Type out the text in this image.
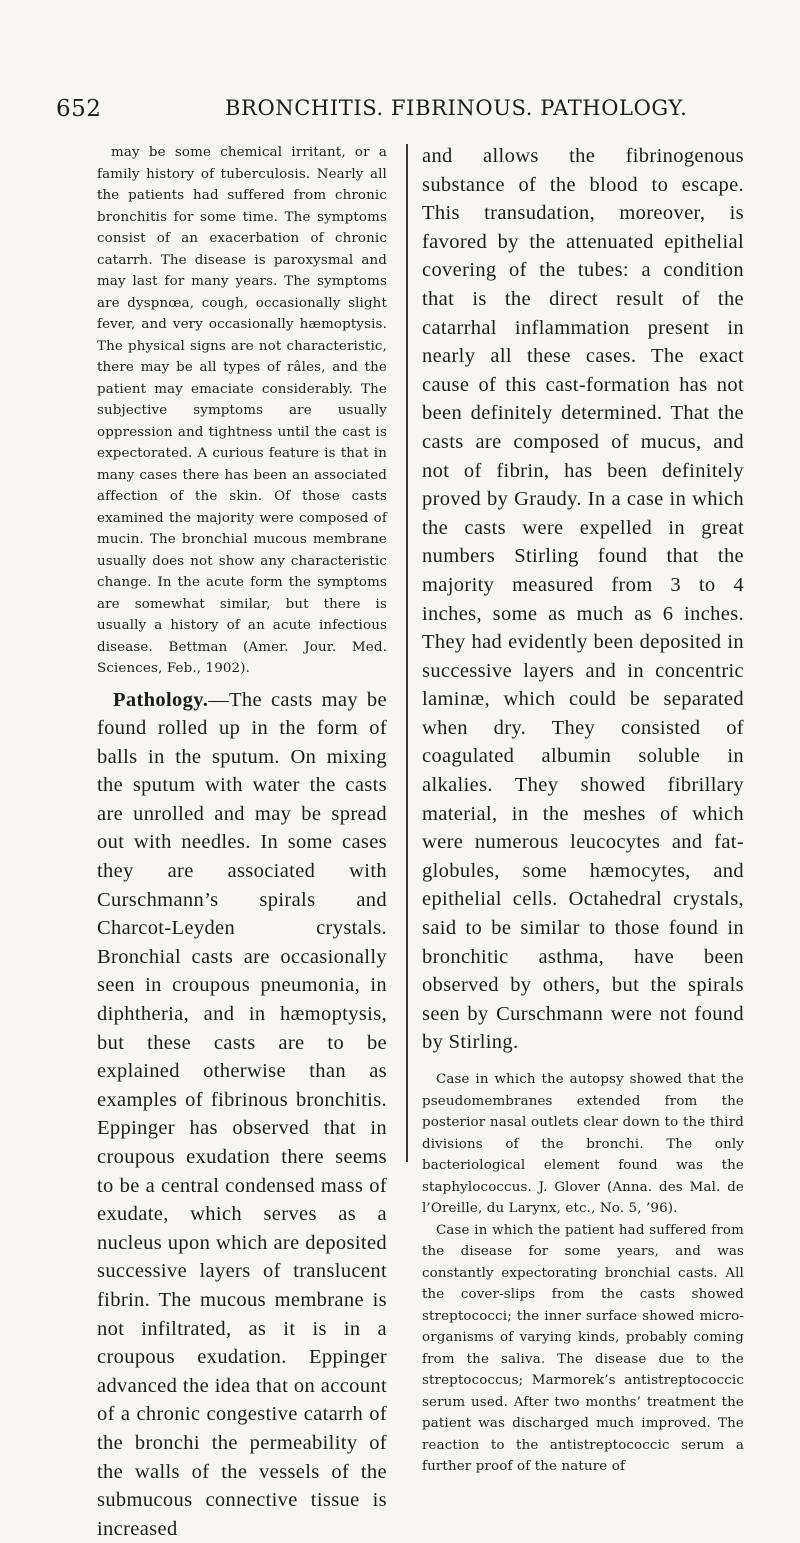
652	BRONCHITIS. FIBRINOUS. PATHOLOGY.

may be some chemical irritant, or a family history of tuberculosis. Nearly all the patients had suffered from chronic bronchitis for some time. The symptoms consist of an exacerbation of chronic catarrh. The disease is paroxysmal and may last for many years. The symptoms are dyspnœa, cough, occasionally slight fever, and very occasionally hæmoptysis. The physical signs are not characteristic, there may be all types of râles, and the patient may emaciate considerably. The subjective symptoms are usually oppression and tightness until the cast is expectorated. A curious feature is that in many cases there has been an associated affection of the skin. Of those casts examined the majority were composed of mucin. The bronchial mucous membrane usually does not show any characteristic change. In the acute form the symptoms are somewhat similar, but there is usually a history of an acute infectious disease. Bettman (Amer. Jour. Med. Sciences, Feb., 1902).

Pathology.—The casts may be found rolled up in the form of balls in the sputum. On mixing the sputum with water the casts are unrolled and may be spread out with needles. In some cases they are associated with Curschmann’s spirals and Charcot-Leyden crystals. Bronchial casts are occasionally seen in croupous pneumonia, in diphtheria, and in hæmoptysis, but these casts are to be explained otherwise than as examples of fibrinous bronchitis. Eppinger has observed that in croupous exudation there seems to be a central condensed mass of exudate, which serves as a nucleus upon which are deposited successive layers of translucent fibrin. The mucous membrane is not infiltrated, as it is in a croupous exudation. Eppinger advanced the idea that on account of a chronic congestive catarrh of the bronchi the permeability of the walls of the vessels of the submucous connective tissue is increased

and allows the fibrinogenous substance of the blood to escape. This transudation, moreover, is favored by the attenuated epithelial covering of the tubes: a condition that is the direct result of the catarrhal inflammation present in nearly all these cases. The exact cause of this cast-formation has not been definitely determined. That the casts are composed of mucus, and not of fibrin, has been definitely proved by Graudy. In a case in which the casts were expelled in great numbers Stirling found that the majority measured from 3 to 4 inches, some as much as 6 inches. They had evidently been deposited in successive layers and in concentric laminæ, which could be separated when dry. They consisted of coagulated albumin soluble in alkalies. They showed fibrillary material, in the meshes of which were numerous leucocytes and fat-globules, some hæmocytes, and epithelial cells. Octahedral crystals, said to be similar to those found in bronchitic asthma, have been observed by others, but the spirals seen by Curschmann were not found by Stirling.

Case in which the autopsy showed that the pseudomembranes extended from the posterior nasal outlets clear down to the third divisions of the bronchi. The only bacteriological element found was the staphylococcus. J. Glover (Anna. des Mal. de l’Oreille, du Larynx, etc., No. 5, ’96).

Case in which the patient had suffered from the disease for some years, and was constantly expectorating bronchial casts. All the cover-slips from the casts showed streptococci; the inner surface showed micro-organisms of varying kinds, probably coming from the saliva. The disease due to the streptococcus; Marmorek’s antistreptococcic serum used. After two months’ treatment the patient was discharged much improved. The reaction to the antistreptococcic serum a further proof of the nature of
